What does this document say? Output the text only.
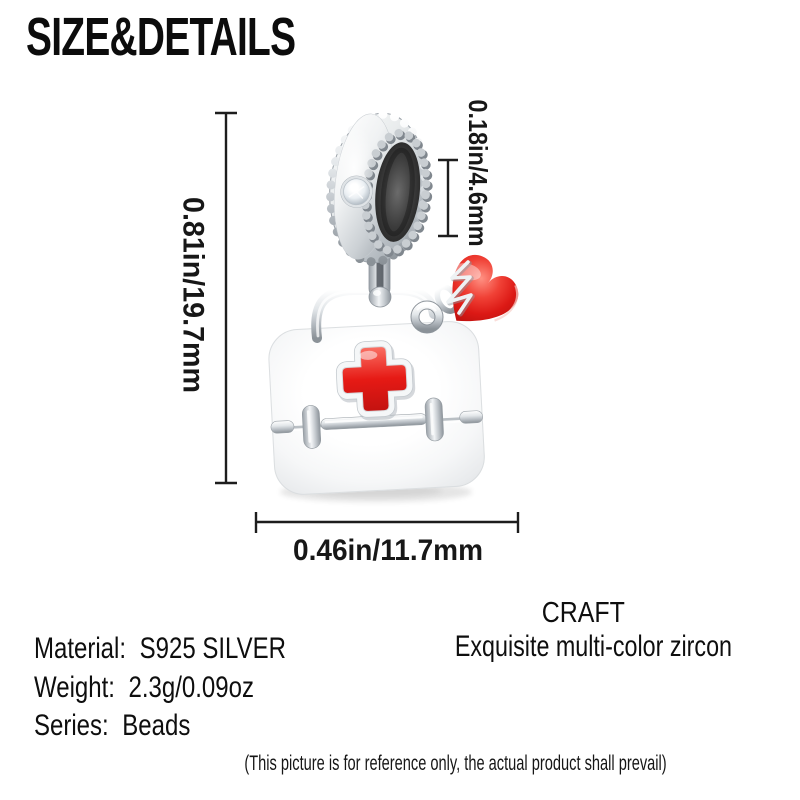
SIZE&DETAILS
0.81in/19.7mm
0.18in/4.6mm
0.46in/11.7mm
Material: S925 SILVER
Weight: 2.3g/0.09oz
Series: Beads
CRAFT
Exquisite multi-color zircon
(This picture is for reference only, the actual product shall prevail)
